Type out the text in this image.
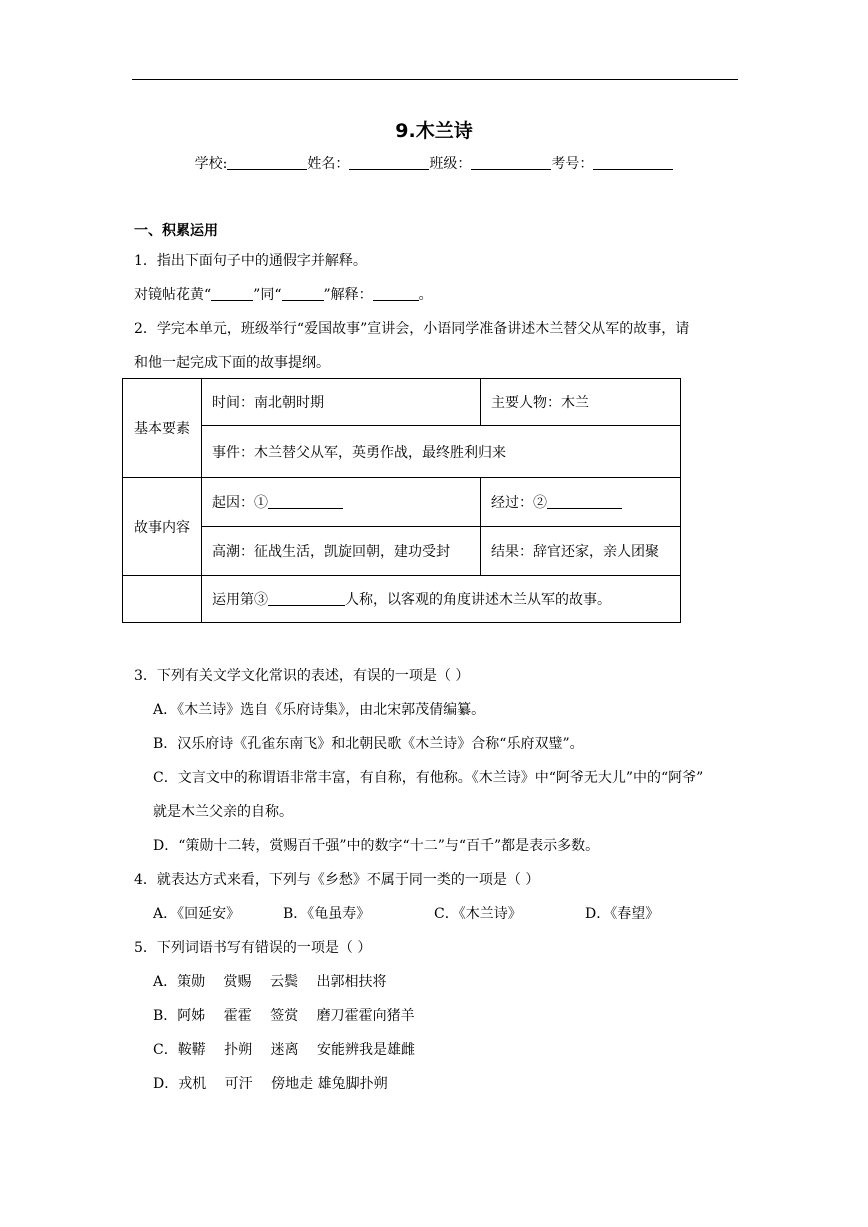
9.木兰诗
学校:	姓名：	班级：	考号：
一、积累运用
1．指出下面句子中的通假字并解释。
对镜帖花黄“	”同“	”解释：	。
2．学完本单元，班级举行“爱国故事”宣讲会，小语同学准备讲述木兰替父从军的故事，请
和他一起完成下面的故事提纲。
基本要素	时间：南北朝时期	主要人物：木兰
	事件：木兰替父从军，英勇作战，最终胜利归来	
故事内容	起因：①	经过：②
	高潮：征战生活，凯旋回朝，建功受封	结果：辞官还家，亲人团聚
	运用第③ 人称，以客观的角度讲述木兰从军的故事。	
3．下列有关文学文化常识的表述，有误的一项是（ ）
A．《木兰诗》选自《乐府诗集》，由北宋郭茂倩编纂。
B．汉乐府诗《孔雀东南飞》和北朝民歌《木兰诗》合称“乐府双璧”。
C．文言文中的称谓语非常丰富，有自称，有他称。《木兰诗》中“阿爷无大儿”中的“阿爷”
就是木兰父亲的自称。
D．“策勋十二转，赏赐百千强”中的数字“十二”与“百千”都是表示多数。
4．就表达方式来看，下列与《乡愁》不属于同一类的一项是（ ）
A．《回延安》	B．《龟虽寿》	C．《木兰诗》	D．《春望》
5．下列词语书写有错误的一项是（ ）
A．策勋　 赏赐　 云鬓　 出郭相扶将
B．阿姊　 霍霍　 签赏　 磨刀霍霍向猪羊
C．鞍鞯　 扑朔　 迷离　 安能辨我是雄雌
D．戎机　 可汗　 傍地走 雄兔脚扑朔
